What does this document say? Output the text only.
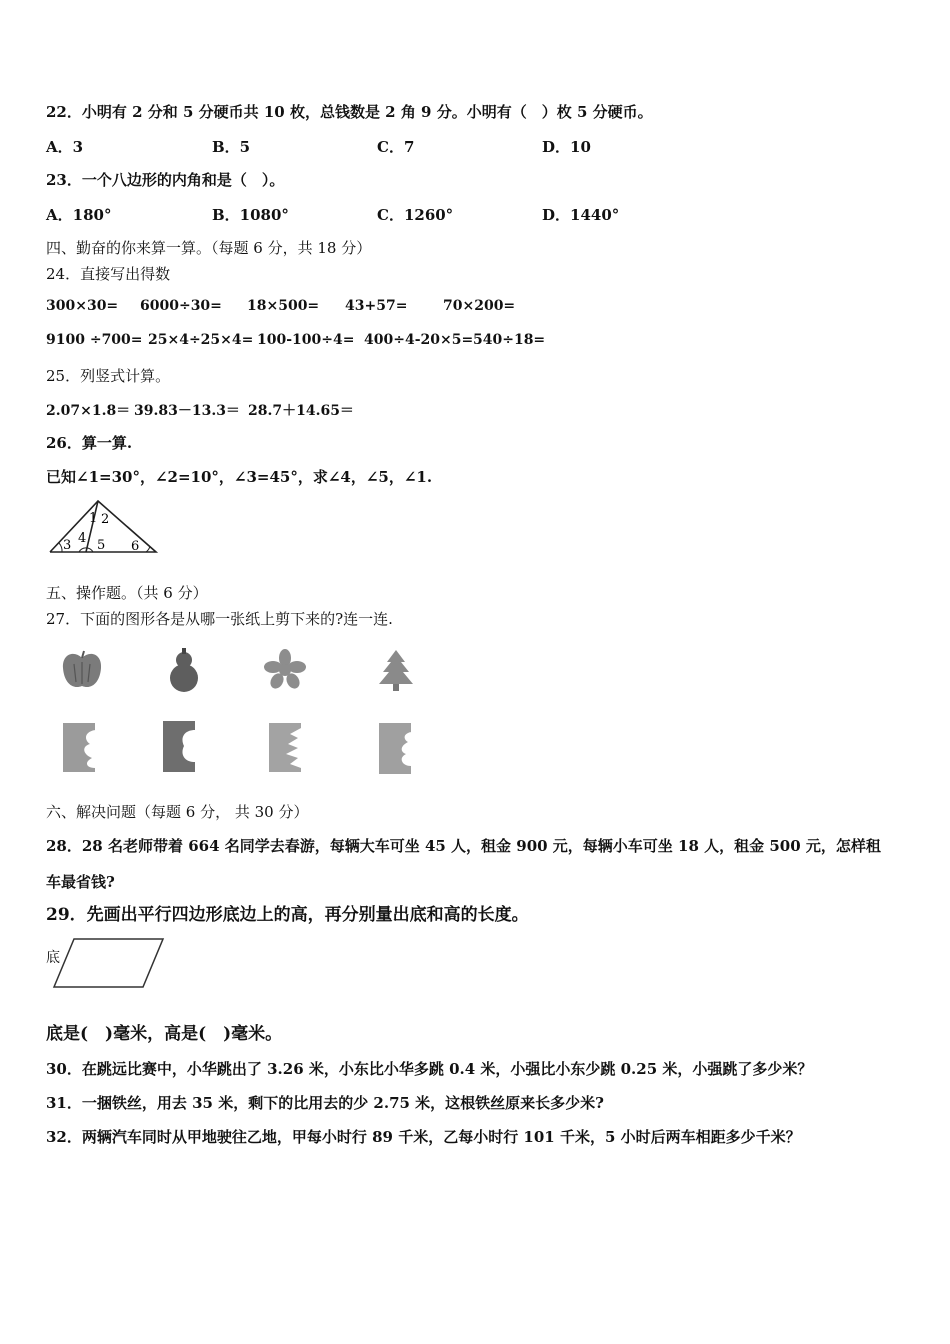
22．小明有 2 分和 5 分硬币共 10 枚，总钱数是 2 角 9 分。小明有（　）枚 5 分硬币。
A．3	B．5	C．7	D．10
23．一个八边形的内角和是（　）。
A．180°	B．1080°	C．1260°	D．1440°
四、勤奋的你来算一算。（每题 6 分，共 18 分）
24．直接写出得数
300×30= 6000÷30= 18×500= 43+57=	70×200=
9100 ÷700= 25×4÷25×4= 100-100÷4= 400÷4-20×5= 540÷18=
25．列竖式计算。
2.07×1.8＝ 39.83－13.3＝ 28.7＋14.65＝
26．算一算.
已知∠1=30°，∠2=10°，∠3=45°，求∠4，∠5，∠1.
1 2
3 4 5 6
五、操作题。（共 6 分）
27．下面的图形各是从哪一张纸上剪下来的?连一连.
六、解决问题（每题 6 分， 共 30 分）
28．28 名老师带着 664 名同学去春游，每辆大车可坐 45 人，租金 900 元，每辆小车可坐 18 人，租金 500 元，怎样租
车最省钱?
29．先画出平行四边形底边上的高，再分别量出底和高的长度。
底
底是(　)毫米，高是(　)毫米。
30．在跳远比赛中，小华跳出了 3.26 米，小东比小华多跳 0.4 米，小强比小东少跳 0.25 米，小强跳了多少米？
31．一捆铁丝，用去 35 米，剩下的比用去的少 2.75 米，这根铁丝原来长多少米?
32．两辆汽车同时从甲地驶往乙地，甲每小时行 89 千米，乙每小时行 101 千米，5 小时后两车相距多少千米？
